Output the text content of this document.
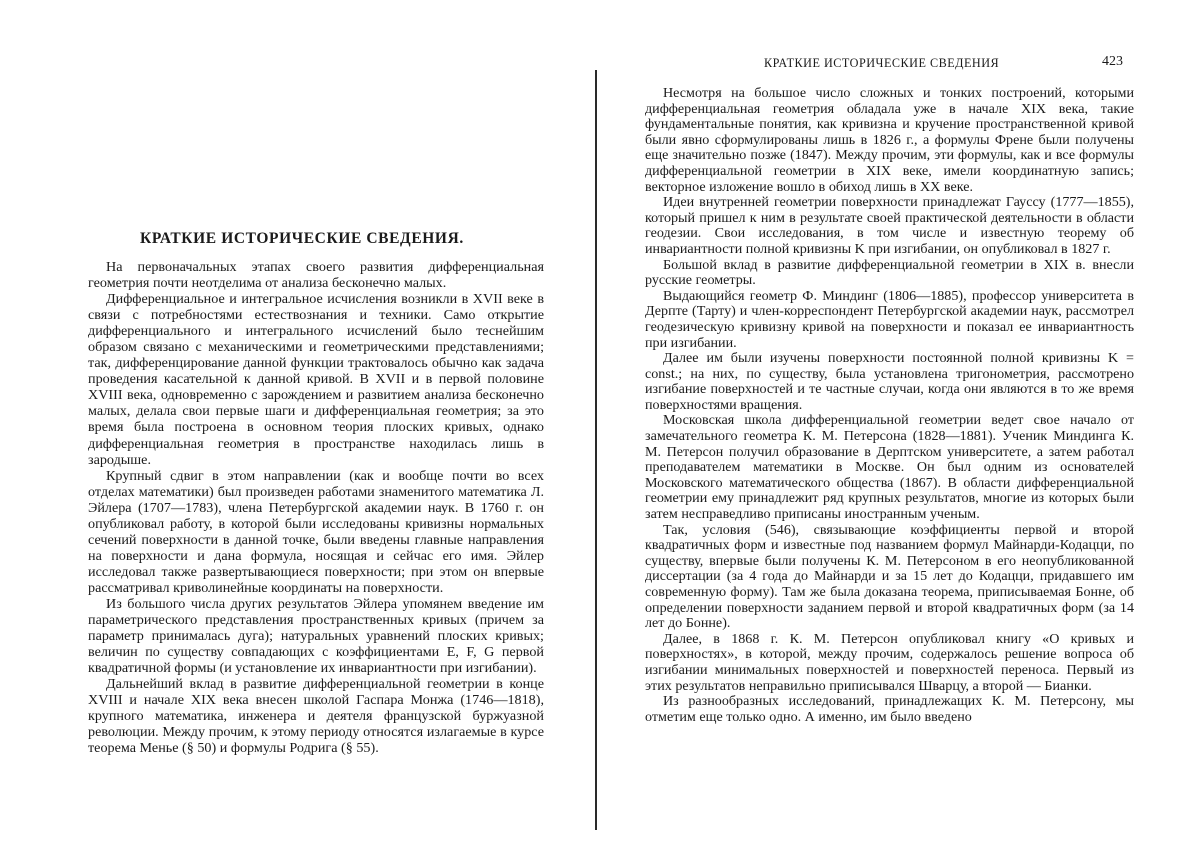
КРАТКИЕ ИСТОРИЧЕСКИЕ СВЕДЕНИЯ.

На первоначальных этапах своего развития дифференциальная геометрия почти неотделима от анализа бесконечно малых.

Дифференциальное и интегральное исчисления возникли в XVII веке в связи с потребностями естествознания и техники. Само открытие дифференциального и интегрального исчислений было теснейшим образом связано с механическими и геометрическими представлениями; так, дифференцирование данной функции трактовалось обычно как задача проведения касательной к данной кривой. В XVII и в первой половине XVIII века, одновременно с зарождением и развитием анализа бесконечно малых, делала свои первые шаги и дифференциальная геометрия; за это время была построена в основном теория плоских кривых, однако дифференциальная геометрия в пространстве находилась лишь в зародыше.

Крупный сдвиг в этом направлении (как и вообще почти во всех отделах математики) был произведен работами знаменитого математика Л. Эйлера (1707—1783), члена Петербургской академии наук. В 1760 г. он опубликовал работу, в которой были исследованы кривизны нормальных сечений поверхности в данной точке, были введены главные направления на поверхности и дана формула, носящая и сейчас его имя. Эйлер исследовал также развертывающиеся поверхности; при этом он впервые рассматривал криволинейные координаты на поверхности.

Из большого числа других результатов Эйлера упомянем введение им параметрического представления пространственных кривых (причем за параметр принималась дуга); натуральных уравнений плоских кривых; величин по существу совпадающих с коэффициентами E, F, G первой квадратичной формы (и установление их инвариантности при изгибании).

Дальнейший вклад в развитие дифференциальной геометрии в конце XVIII и начале XIX века внесен школой Гаспара Монжа (1746—1818), крупного математика, инженера и деятеля французской буржуазной революции. Между прочим, к этому периоду относятся излагаемые в курсе теорема Менье (§ 50) и формулы Родрига (§ 55).

КРАТКИЕ ИСТОРИЧЕСКИЕ СВЕДЕНИЯ	423

Несмотря на большое число сложных и тонких построений, которыми дифференциальная геометрия обладала уже в начале XIX века, такие фундаментальные понятия, как кривизна и кручение пространственной кривой были явно сформулированы лишь в 1826 г., а формулы Френе были получены еще значительно позже (1847). Между прочим, эти формулы, как и все формулы дифференциальной геометрии в XIX веке, имели координатную запись; векторное изложение вошло в обиход лишь в XX веке.

Идеи внутренней геометрии поверхности принадлежат Гауссу (1777—1855), который пришел к ним в результате своей практической деятельности в области геодезии. Свои исследования, в том числе и известную теорему об инвариантности полной кривизны K при изгибании, он опубликовал в 1827 г.

Большой вклад в развитие дифференциальной геометрии в XIX в. внесли русские геометры.

Выдающийся геометр Ф. Миндинг (1806—1885), профессор университета в Дерпте (Тарту) и член-корреспондент Петербургской академии наук, рассмотрел геодезическую кривизну кривой на поверхности и показал ее инвариантность при изгибании.

Далее им были изучены поверхности постоянной полной кривизны K = const.; на них, по существу, была установлена тригонометрия, рассмотрено изгибание поверхностей и те частные случаи, когда они являются в то же время поверхностями вращения.

Московская школа дифференциальной геометрии ведет свое начало от замечательного геометра К. М. Петерсона (1828—1881). Ученик Миндинга К. М. Петерсон получил образование в Дерптском университете, а затем работал преподавателем математики в Москве. Он был одним из основателей Московского математического общества (1867). В области дифференциальной геометрии ему принадлежит ряд крупных результатов, многие из которых были затем несправедливо приписаны иностранным ученым.

Так, условия (546), связывающие коэффициенты первой и второй квадратичных форм и известные под названием формул Майнарди-Кодацци, по существу, впервые были получены К. М. Петерсоном в его неопубликованной диссертации (за 4 года до Майнарди и за 15 лет до Кодацци, придавшего им современную форму). Там же была доказана теорема, приписываемая Бонне, об определении поверхности заданием первой и второй квадратичных форм (за 14 лет до Бонне).

Далее, в 1868 г. К. М. Петерсон опубликовал книгу «О кривых и поверхностях», в которой, между прочим, содержалось решение вопроса об изгибании минимальных поверхностей и поверхностей переноса. Первый из этих результатов неправильно приписывался Шварцу, а второй — Бианки.

Из разнообразных исследований, принадлежащих К. М. Петерсону, мы отметим еще только одно. А именно, им было введено
